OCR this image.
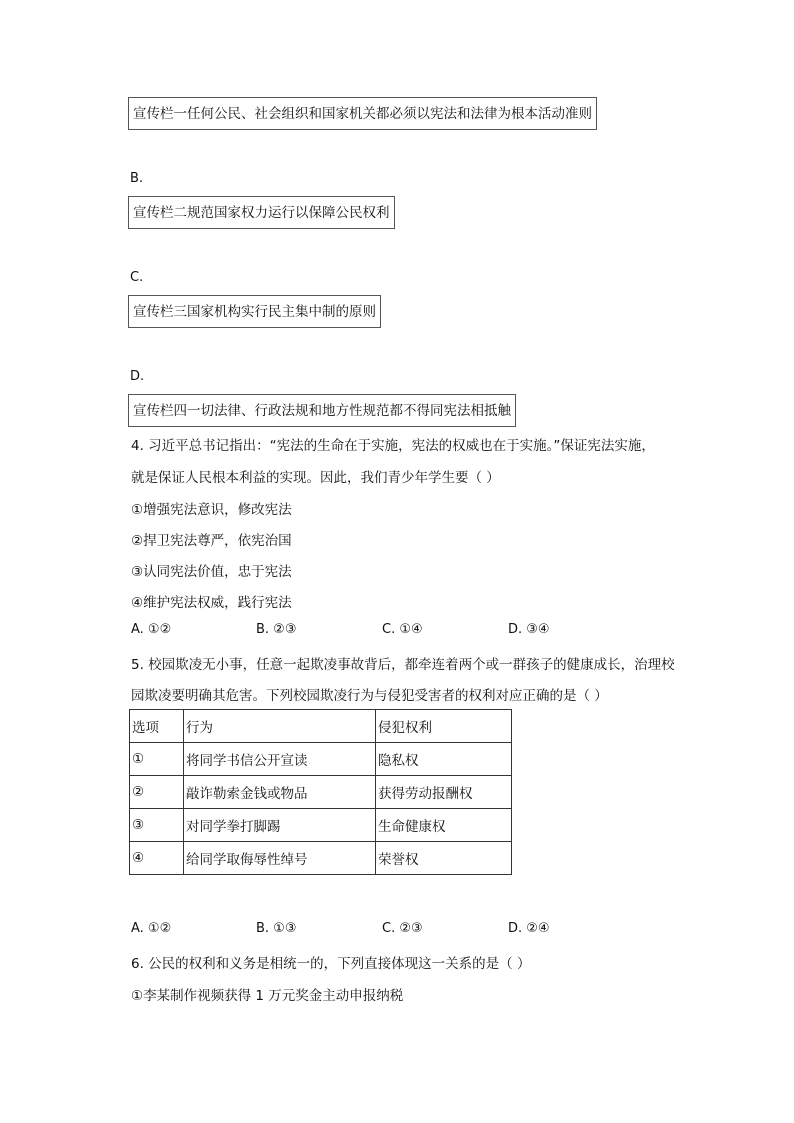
宣传栏一任何公民、社会组织和国家机关都必须以宪法和法律为根本活动准则
B.
宣传栏二规范国家权力运行以保障公民权利
C.
宣传栏三国家机构实行民主集中制的原则
D.
宣传栏四一切法律、行政法规和地方性规范都不得同宪法相抵触
4. 习近平总书记指出：“宪法的生命在于实施，宪法的权威也在于实施。”保证宪法实施，
就是保证人民根本利益的实现。因此，我们青少年学生要（ ）
①增强宪法意识，修改宪法
②捍卫宪法尊严，依宪治国
③认同宪法价值，忠于宪法
④维护宪法权威，践行宪法
A. ①②	B. ②③	C. ①④	D. ③④
5. 校园欺凌无小事，任意一起欺凌事故背后，都牵连着两个或一群孩子的健康成长，治理校
园欺凌要明确其危害。下列校园欺凌行为与侵犯受害者的权利对应正确的是（ ）
选项	行为	侵犯权利
①	将同学书信公开宣读	隐私权
②	敲诈勒索金钱或物品	获得劳动报酬权
③	对同学拳打脚踢	生命健康权
④	给同学取侮辱性绰号	荣誉权
A. ①②	B. ①③	C. ②③	D. ②④
6. 公民的权利和义务是相统一的，下列直接体现这一关系的是（ ）
①李某制作视频获得 1 万元奖金主动申报纳税
